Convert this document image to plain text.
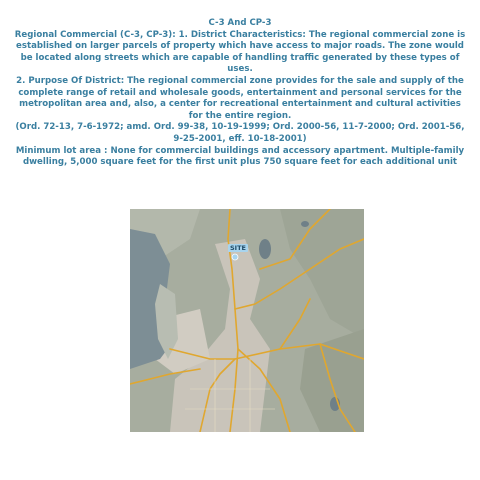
C-3 And CP-3

Regional Commercial (C-3, CP-3): 1. District Characteristics: The regional commercial zone is established on larger parcels of property which have access to major roads. The zone would be located along streets which are capable of handling traffic generated by these types of uses.

2. Purpose Of District: The regional commercial zone provides for the sale and supply of the complete range of retail and wholesale goods, entertainment and personal services for the metropolitan area and, also, a center for recreational entertainment and cultural activities for the entire region.

(Ord. 72-13, 7-6-1972; amd. Ord. 99-38, 10-19-1999; Ord. 2000-56, 11-7-2000; Ord. 2001-56, 9-25-2001, eff. 10-18-2001)

Minimum lot area : None for commercial buildings and accessory apartment. Multiple-family dwelling, 5,000 square feet for the first unit plus 750 square feet for each additional unit

SITE
